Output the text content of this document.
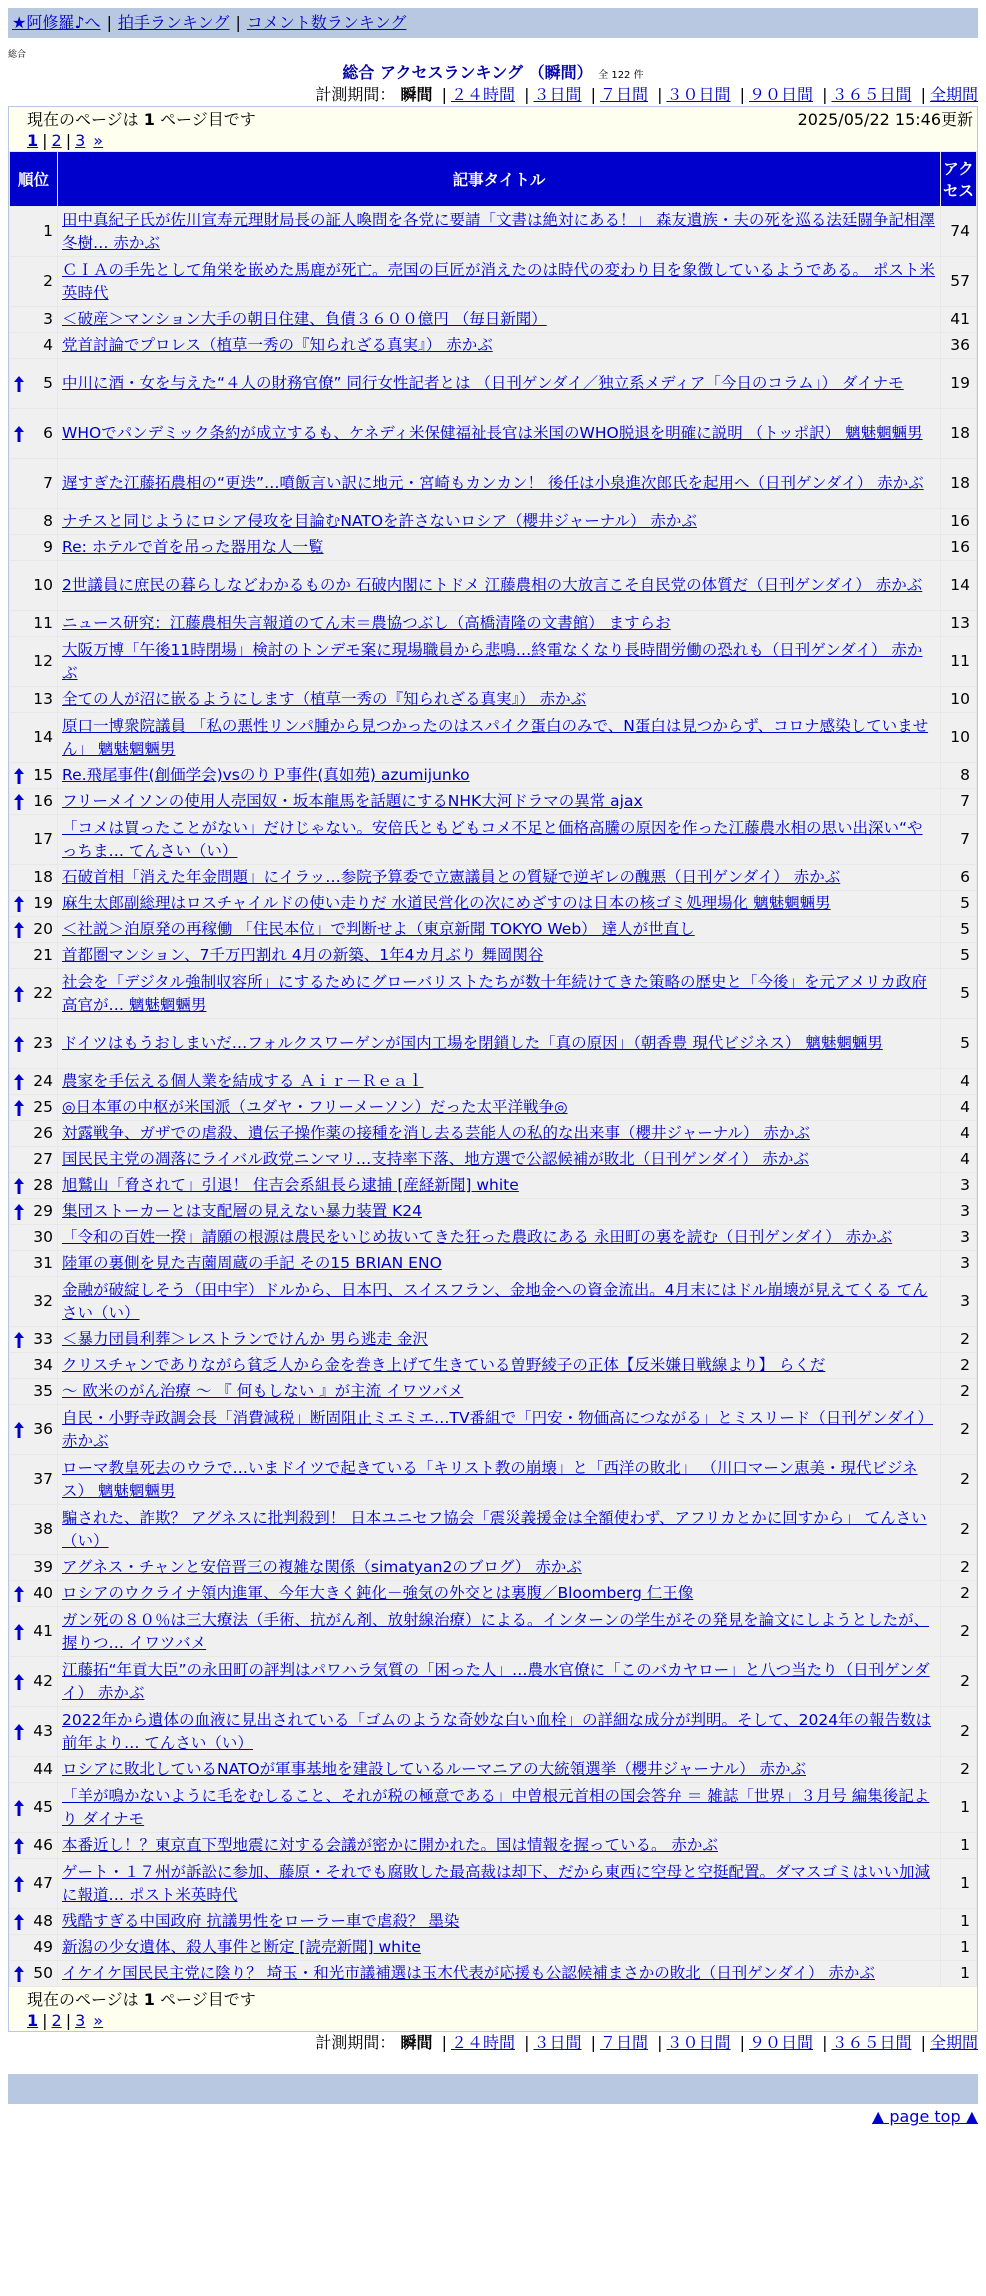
★阿修羅♪へ | 拍手ランキング | コメント数ランキング
総合
総合 アクセスランキング （瞬間） 全 122 件
計測期間： 瞬間 | ２４時間 | ３日間 | ７日間 | ３０日間 | ９０日間 | ３６５日間 | 全期間
現在のページは 1 ページ目です	2025/05/22 15:46更新
1 | 2 | 3 »
順位	記事タイトル	アクセス
1	田中真紀子氏が佐川宣寿元理財局長の証人喚問を各党に要請「文書は絶対にある！」 森友遺族・夫の死を巡る法廷闘争記相澤冬樹… 赤かぶ	74
2	ＣＩＡの手先として角栄を嵌めた馬鹿が死亡。売国の巨匠が消えたのは時代の変わり目を象徴しているようである。 ポスト米英時代	57
3	＜破産＞マンション大手の朝日住建、負債３６００億円 （毎日新聞）	41
4	党首討論でプロレス（植草一秀の『知られざる真実』） 赤かぶ	36

5	中川に酒・女を与えた“４人の財務官僚” 同行女性記者とは （日刊ゲンダイ／独立系メディア「今日のコラム」） ダイナモ	19

6	WHOでパンデミック条約が成立するも、ケネディ米保健福祉長官は米国のWHO脱退を明確に説明 （トッポ訳） 魑魅魍魎男	18
7	遅すぎた江藤拓農相の“更迭”…噴飯言い訳に地元・宮崎もカンカン！ 後任は小泉進次郎氏を起用へ（日刊ゲンダイ） 赤かぶ	18
8	ナチスと同じようにロシア侵攻を目論むNATOを許さないロシア（櫻井ジャーナル） 赤かぶ	16
9	Re: ホテルで首を吊った器用な人一覧	16
10	2世議員に庶民の暮らしなどわかるものか 石破内閣にトドメ 江藤農相の大放言こそ自民党の体質だ（日刊ゲンダイ） 赤かぶ	14
11	ニュース研究：江藤農相失言報道のてん末＝農協つぶし（高橋清隆の文書館） ますらお	13
12	大阪万博「午後11時閉場」検討のトンデモ案に現場職員から悲鳴…終電なくなり長時間労働の恐れも（日刊ゲンダイ） 赤かぶ	11
13	全ての人が沼に嵌るようにします（植草一秀の『知られざる真実』） 赤かぶ	10
14	原口一博衆院議員 「私の悪性リンパ腫から見つかったのはスパイク蛋白のみで、N蛋白は見つからず、コロナ感染していません」 魑魅魍魎男	10

15	Re.飛尾事件(創価学会)vsのりＰ事件(真如苑) azumijunko	8

16	フリーメイソンの使用人売国奴・坂本龍馬を話題にするNHK大河ドラマの異常 ajax	7
17	「コメは買ったことがない」だけじゃない。安倍氏ともどもコメ不足と価格高騰の原因を作った江藤農水相の思い出深い“やっちま… てんさい（い）	7
18	石破首相「消えた年金問題」にイラッ…参院予算委で立憲議員との質疑で逆ギレの醜悪（日刊ゲンダイ） 赤かぶ	6

19	麻生太郎副総理はロスチャイルドの使い走りだ 水道民営化の次にめざすのは日本の核ゴミ処理場化 魑魅魍魎男	5

20	＜社説＞泊原発の再稼働 「住民本位」で判断せよ（東京新聞 TOKYO Web） 達人が世直し	5
21	首都圏マンション、7千万円割れ 4月の新築、1年4カ月ぶり 舞岡関谷	5

22	社会を「デジタル強制収容所」にするためにグローバリストたちが数十年続けてきた策略の歴史と「今後」を元アメリカ政府高官が… 魑魅魍魎男	5

23	ドイツはもうおしまいだ…フォルクスワーゲンが国内工場を閉鎖した「真の原因」（朝香豊 現代ビジネス） 魑魅魍魎男	5

24	農家を手伝える個人業を結成する Ａｉｒ－Ｒｅａｌ	4

25	◎日本軍の中枢が米国派（ユダヤ・フリーメーソン）だった太平洋戦争◎	4
26	対露戦争、ガザでの虐殺、遺伝子操作薬の接種を消し去る芸能人の私的な出来事（櫻井ジャーナル） 赤かぶ	4
27	国民民主党の凋落にライバル政党ニンマリ…支持率下落、地方選で公認候補が敗北（日刊ゲンダイ） 赤かぶ	4

28	旭鷲山「脅されて」引退！ 住吉会系組長ら逮捕 [産経新聞] white	3

29	集団ストーカーとは支配層の見えない暴力装置 K24	3
30	「令和の百姓一揆」請願の根源は農民をいじめ抜いてきた狂った農政にある 永田町の裏を読む（日刊ゲンダイ） 赤かぶ	3
31	陸軍の裏側を見た吉薗周蔵の手記 その15 BRIAN ENO	3
32	金融が破綻しそう（田中宇）ドルから、日本円、スイスフラン、金地金への資金流出。4月末にはドル崩壊が見えてくる てんさい（い）	3

33	＜暴力団員利葬＞レストランでけんか 男ら逃走 金沢	2
34	クリスチャンでありながら貧乏人から金を巻き上げて生きている曽野綾子の正体【反米嫌日戦線より】 らくだ	2
35	～ 欧米のがん治療 ～ 『 何もしない 』が主流 イワツバメ	2

36	自民・小野寺政調会長「消費減税」断固阻止ミエミエ…TV番組で「円安・物価高につながる」とミスリード（日刊ゲンダイ） 赤かぶ	2
37	ローマ教皇死去のウラで…いまドイツで起きている「キリスト教の崩壊」と「西洋の敗北」 （川口マーン恵美・現代ビジネス） 魑魅魍魎男	2
38	騙された、詐欺？ アグネスに批判殺到！ 日本ユニセフ協会「震災義援金は全額使わず、アフリカとかに回すから」 てんさい（い）	2
39	アグネス・チャンと安倍晋三の複雑な関係（simatyan2のブログ） 赤かぶ	2

40	ロシアのウクライナ領内進軍、今年大きく鈍化－強気の外交とは裏腹／Bloomberg 仁王像	2

41	ガン死の８０％は三大療法（手術、抗がん剤、放射線治療）による。インターンの学生がその発見を論文にしようとしたが、握りつ… イワツバメ	2

42	江藤拓“年貢大臣”の永田町の評判はパワハラ気質の「困った人」…農水官僚に「このバカヤロー」と八つ当たり（日刊ゲンダイ） 赤かぶ	2

43	2022年から遺体の血液に見出されている「ゴムのような奇妙な白い血栓」の詳細な成分が判明。そして、2024年の報告数は前年より… てんさい（い）	2
44	ロシアに敗北しているNATOが軍事基地を建設しているルーマニアの大統領選挙（櫻井ジャーナル） 赤かぶ	2

45	「羊が鳴かないように毛をむしること、それが税の極意である」中曽根元首相の国会答弁 ＝ 雑誌「世界」３月号 編集後記より ダイナモ	1

46	本番近し！？東京直下型地震に対する会議が密かに開かれた。国は情報を握っている。 赤かぶ	1

47	ゲート・１７州が訴訟に参加、藤原・それでも腐敗した最高裁は却下、だから東西に空母と空挺配置。ダマスゴミはいい加減に報道… ポスト米英時代	1

48	残酷すぎる中国政府 抗議男性をローラー車で虐殺？ 墨染	1
49	新潟の少女遺体、殺人事件と断定 [読売新聞] white	1

50	イケイケ国民民主党に陰り？ 埼玉・和光市議補選は玉木代表が応援も公認候補まさかの敗北（日刊ゲンダイ） 赤かぶ	1
現在のページは 1 ページ目です
1 | 2 | 3 »
計測期間： 瞬間 | ２４時間 | ３日間 | ７日間 | ３０日間 | ９０日間 | ３６５日間 | 全期間
▲ page top ▲
